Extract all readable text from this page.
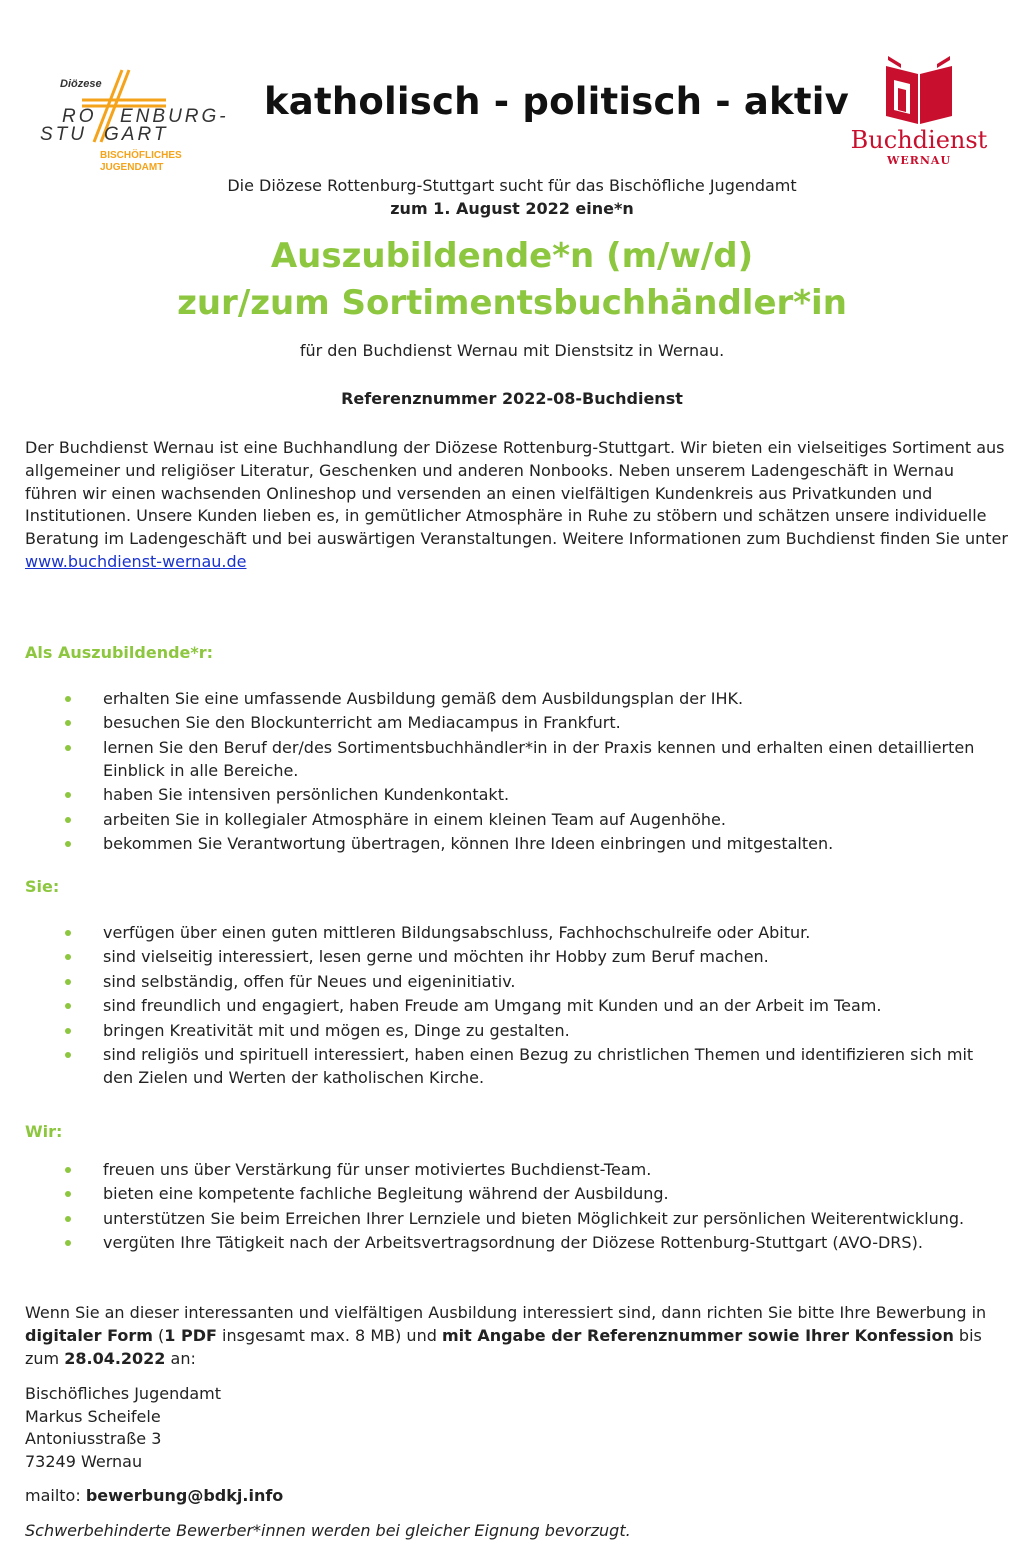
Diözese
RO ENBURG-
STU GART
BISCHÖFLICHES
JUGENDAMT
katholisch - politisch - aktiv
Buchdienst
WERNAU
Die Diözese Rottenburg-Stuttgart sucht für das Bischöfliche Jugendamt
zum 1. August 2022 eine*n
Auszubildende*n (m/w/d)
zur/zum Sortimentsbuchhändler*in
für den Buchdienst Wernau mit Dienstsitz in Wernau.
Referenznummer 2022-08-Buchdienst
Der Buchdienst Wernau ist eine Buchhandlung der Diözese Rottenburg-Stuttgart. Wir bieten ein vielseitiges Sortiment aus allgemeiner und religiöser Literatur, Geschenken und anderen Nonbooks. Neben unserem Ladengeschäft in Wernau führen wir einen wachsenden Onlineshop und versenden an einen vielfältigen Kundenkreis aus Privatkunden und Institutionen. Unsere Kunden lieben es, in gemütlicher Atmosphäre in Ruhe zu stöbern und schätzen unsere individuelle Beratung im Ladengeschäft und bei auswärtigen Veranstaltungen. Weitere Informationen zum Buchdienst finden Sie unter www.buchdienst-wernau.de
Als Auszubildende*r:
erhalten Sie eine umfassende Ausbildung gemäß dem Ausbildungsplan der IHK.
besuchen Sie den Blockunterricht am Mediacampus in Frankfurt.
lernen Sie den Beruf der/des Sortimentsbuchhändler*in in der Praxis kennen und erhalten einen detaillierten Einblick in alle Bereiche.
haben Sie intensiven persönlichen Kundenkontakt.
arbeiten Sie in kollegialer Atmosphäre in einem kleinen Team auf Augenhöhe.
bekommen Sie Verantwortung übertragen, können Ihre Ideen einbringen und mitgestalten.
Sie:
verfügen über einen guten mittleren Bildungsabschluss, Fachhochschulreife oder Abitur.
sind vielseitig interessiert, lesen gerne und möchten ihr Hobby zum Beruf machen.
sind selbständig, offen für Neues und eigeninitiativ.
sind freundlich und engagiert, haben Freude am Umgang mit Kunden und an der Arbeit im Team.
bringen Kreativität mit und mögen es, Dinge zu gestalten.
sind religiös und spirituell interessiert, haben einen Bezug zu christlichen Themen und identifizieren sich mit den Zielen und Werten der katholischen Kirche.
Wir:
freuen uns über Verstärkung für unser motiviertes Buchdienst-Team.
bieten eine kompetente fachliche Begleitung während der Ausbildung.
unterstützen Sie beim Erreichen Ihrer Lernziele und bieten Möglichkeit zur persönlichen Weiterentwicklung.
vergüten Ihre Tätigkeit nach der Arbeitsvertragsordnung der Diözese Rottenburg-Stuttgart (AVO-DRS).
Wenn Sie an dieser interessanten und vielfältigen Ausbildung interessiert sind, dann richten Sie bitte Ihre Bewerbung in digitaler Form (1 PDF insgesamt max. 8 MB) und mit Angabe der Referenznummer sowie Ihrer Konfession bis zum 28.04.2022 an:
Bischöfliches Jugendamt
Markus Scheifele
Antoniusstraße 3
73249 Wernau
mailto: bewerbung@bdkj.info
Schwerbehinderte Bewerber*innen werden bei gleicher Eignung bevorzugt.
